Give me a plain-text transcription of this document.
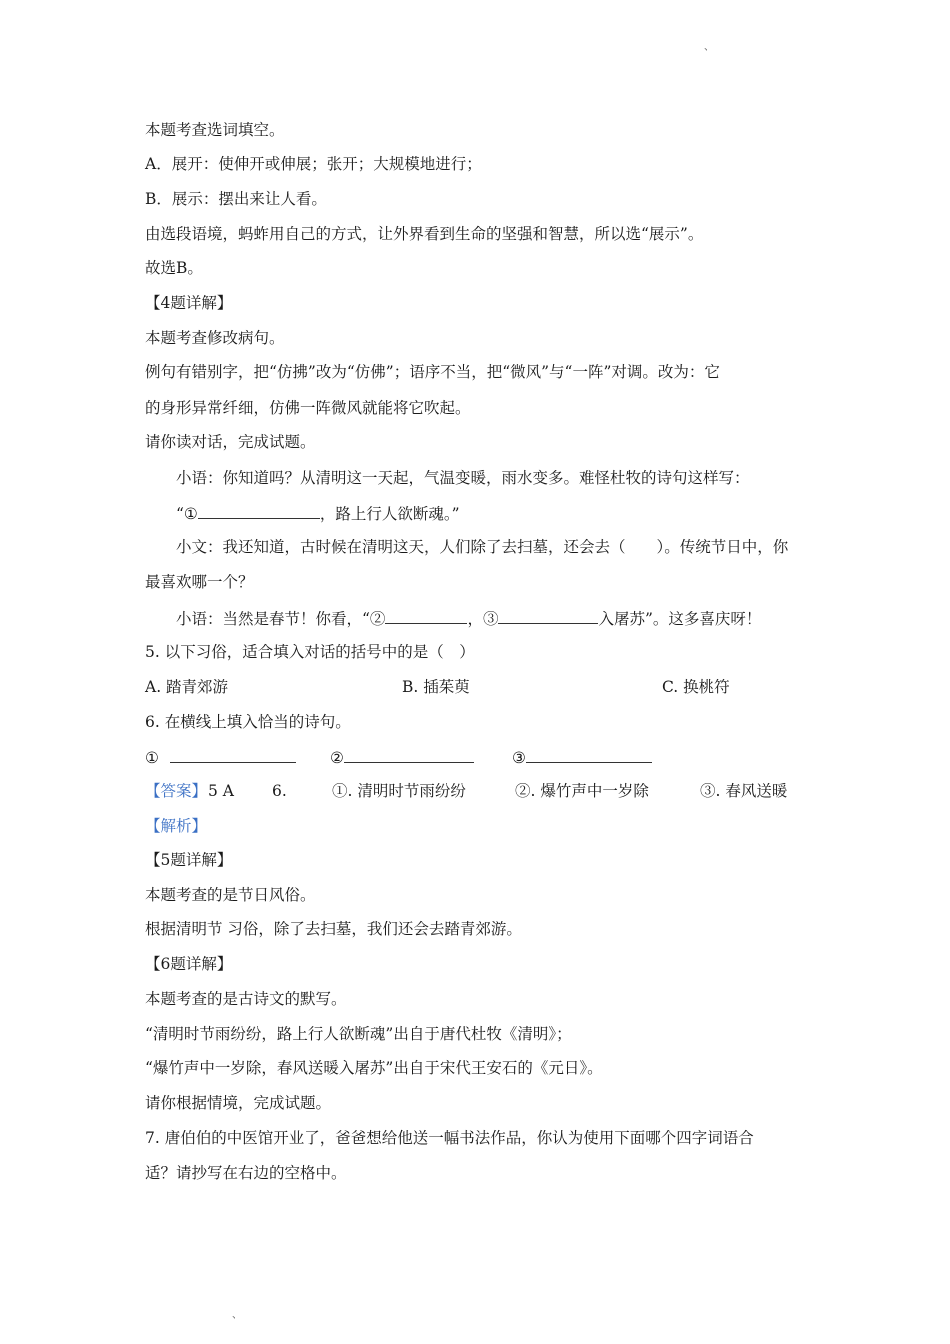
、
本题考查选词填空。
A．展开：使伸开或伸展；张开；大规模地进行；
B．展示：摆出来让人看。
由选段语境，蚂蚱用自己的方式，让外界看到生命的坚强和智慧，所以选“展示”。
故选B。
【4题详解】
本题考查修改病句。
例句有错别字，把“仿拂”改为“仿佛”；语序不当，把“微风”与“一阵”对调。改为：它
的身形异常纤细，仿佛一阵微风就能将它吹起。
请你读对话，完成试题。
小语：你知道吗？从清明这一天起，气温变暖，雨水变多。难怪杜牧的诗句这样写：
“①	，路上行人欲断魂。”
小文：我还知道，古时候在清明这天，人们除了去扫墓，还会去（　　）。传统节日中，你
最喜欢哪一个？
小语：当然是春节！你看，“②	，③	入屠苏”。这多喜庆呀！
5. 以下习俗，适合填入对话的括号中的是（　）
A. 踏青郊游	B. 插茱萸	C. 换桃符
6. 在横线上填入恰当的诗句。
①	②	③
【答案】 5 A 6.	①. 清明时节雨纷纷	②. 爆竹声中一岁除	③. 春风送暖
【解析】
【5题详解】
本题考查的是节日风俗。
根据清明节 习俗，除了去扫墓，我们还会去踏青郊游。
【6题详解】
本题考查的是古诗文的默写。
“清明时节雨纷纷，路上行人欲断魂”出自于唐代杜牧《清明》；
“爆竹声中一岁除，春风送暖入屠苏”出自于宋代王安石的《元日》。
请你根据情境，完成试题。
7. 唐伯伯的中医馆开业了，爸爸想给他送一幅书法作品，你认为使用下面哪个四字词语合
适？请抄写在右边的空格中。
、
